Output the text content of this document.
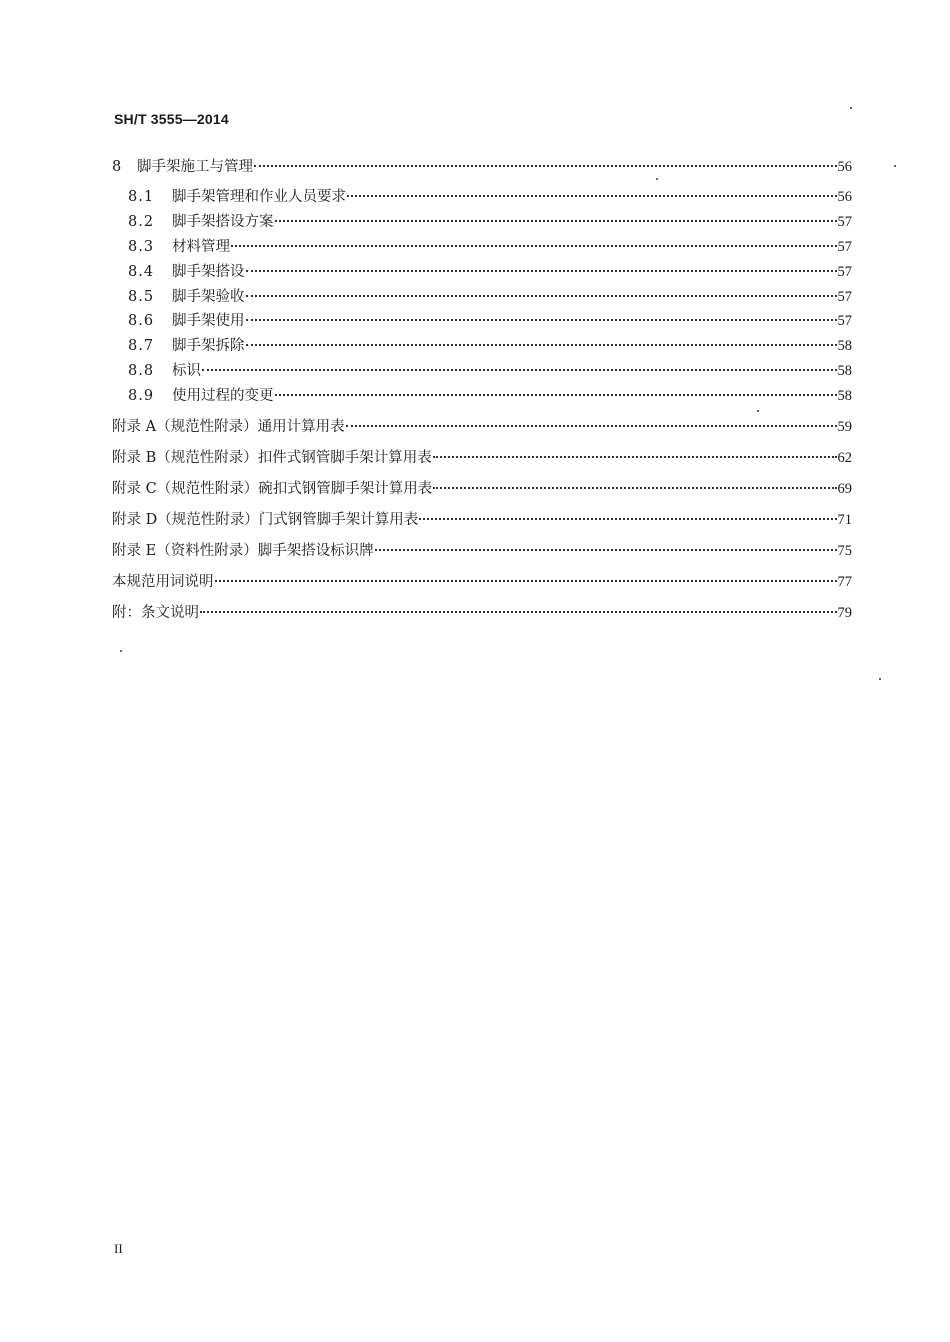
SH/T 3555—2014
8	脚手架施工与管理	56
8.1	脚手架管理和作业人员要求	56
8.2	脚手架搭设方案	57
8.3	材料管理	57
8.4	脚手架搭设	57
8.5	脚手架验收	57
8.6	脚手架使用	57
8.7	脚手架拆除	58
8.8	标识	58
8.9	使用过程的变更	58
附录 A（规范性附录）通用计算用表	59
附录 B（规范性附录）扣件式钢管脚手架计算用表	62
附录 C（规范性附录）碗扣式钢管脚手架计算用表	69
附录 D（规范性附录）门式钢管脚手架计算用表	71
附录 E（资料性附录）脚手架搭设标识牌	75
本规范用词说明	77
附：条文说明	79
II
